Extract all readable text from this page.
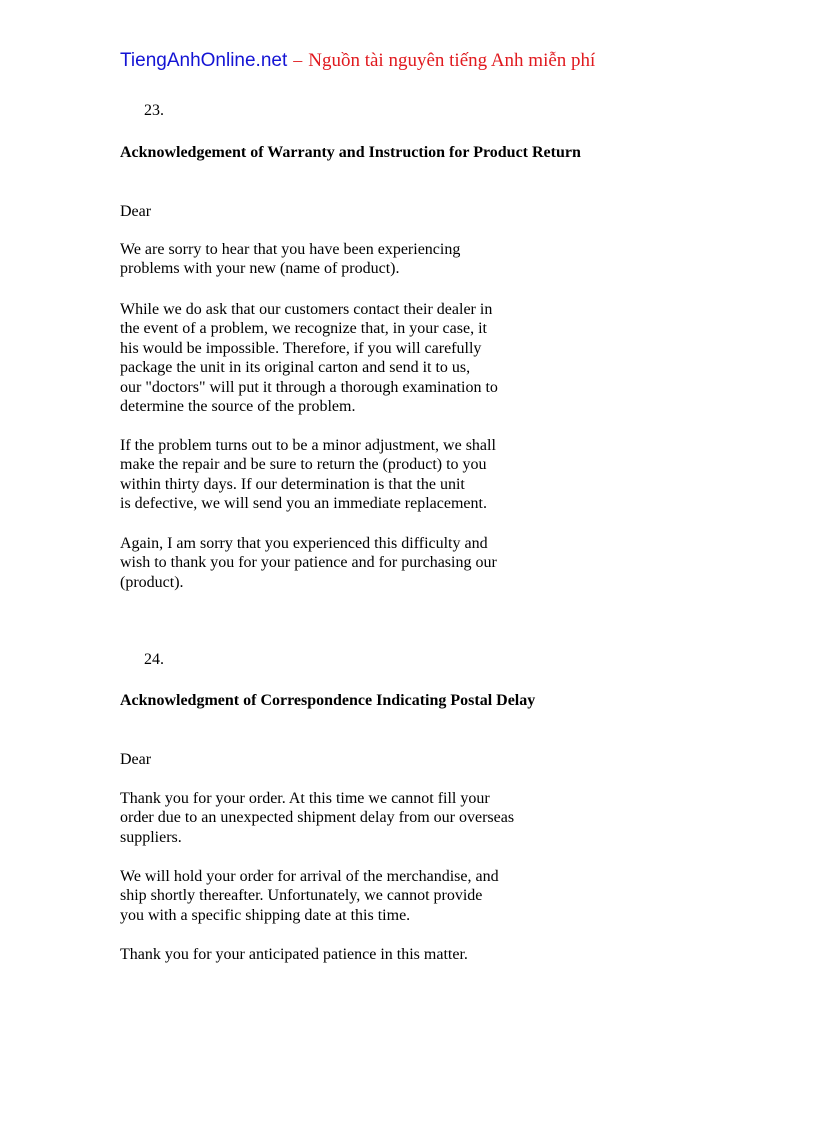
TiengAnhOnline.net – Nguồn tài nguyên tiếng Anh miễn phí
23.
Acknowledgement of Warranty and Instruction for Product Return
Dear
We are sorry to hear that you have been experiencing
problems with your new (name of product).
While we do ask that our customers contact their dealer in
the event of a problem, we recognize that, in your case, it
his would be impossible. Therefore, if you will carefully
package the unit in its original carton and send it to us,
our "doctors" will put it through a thorough examination to
determine the source of the problem.
If the problem turns out to be a minor adjustment, we shall
make the repair and be sure to return the (product) to you
within thirty days. If our determination is that the unit
is defective, we will send you an immediate replacement.
Again, I am sorry that you experienced this difficulty and
wish to thank you for your patience and for purchasing our
(product).
24.
Acknowledgment of Correspondence Indicating Postal Delay
Dear
Thank you for your order. At this time we cannot fill your
order due to an unexpected shipment delay from our overseas
suppliers.
We will hold your order for arrival of the merchandise, and
ship shortly thereafter. Unfortunately, we cannot provide
you with a specific shipping date at this time.
Thank you for your anticipated patience in this matter.
